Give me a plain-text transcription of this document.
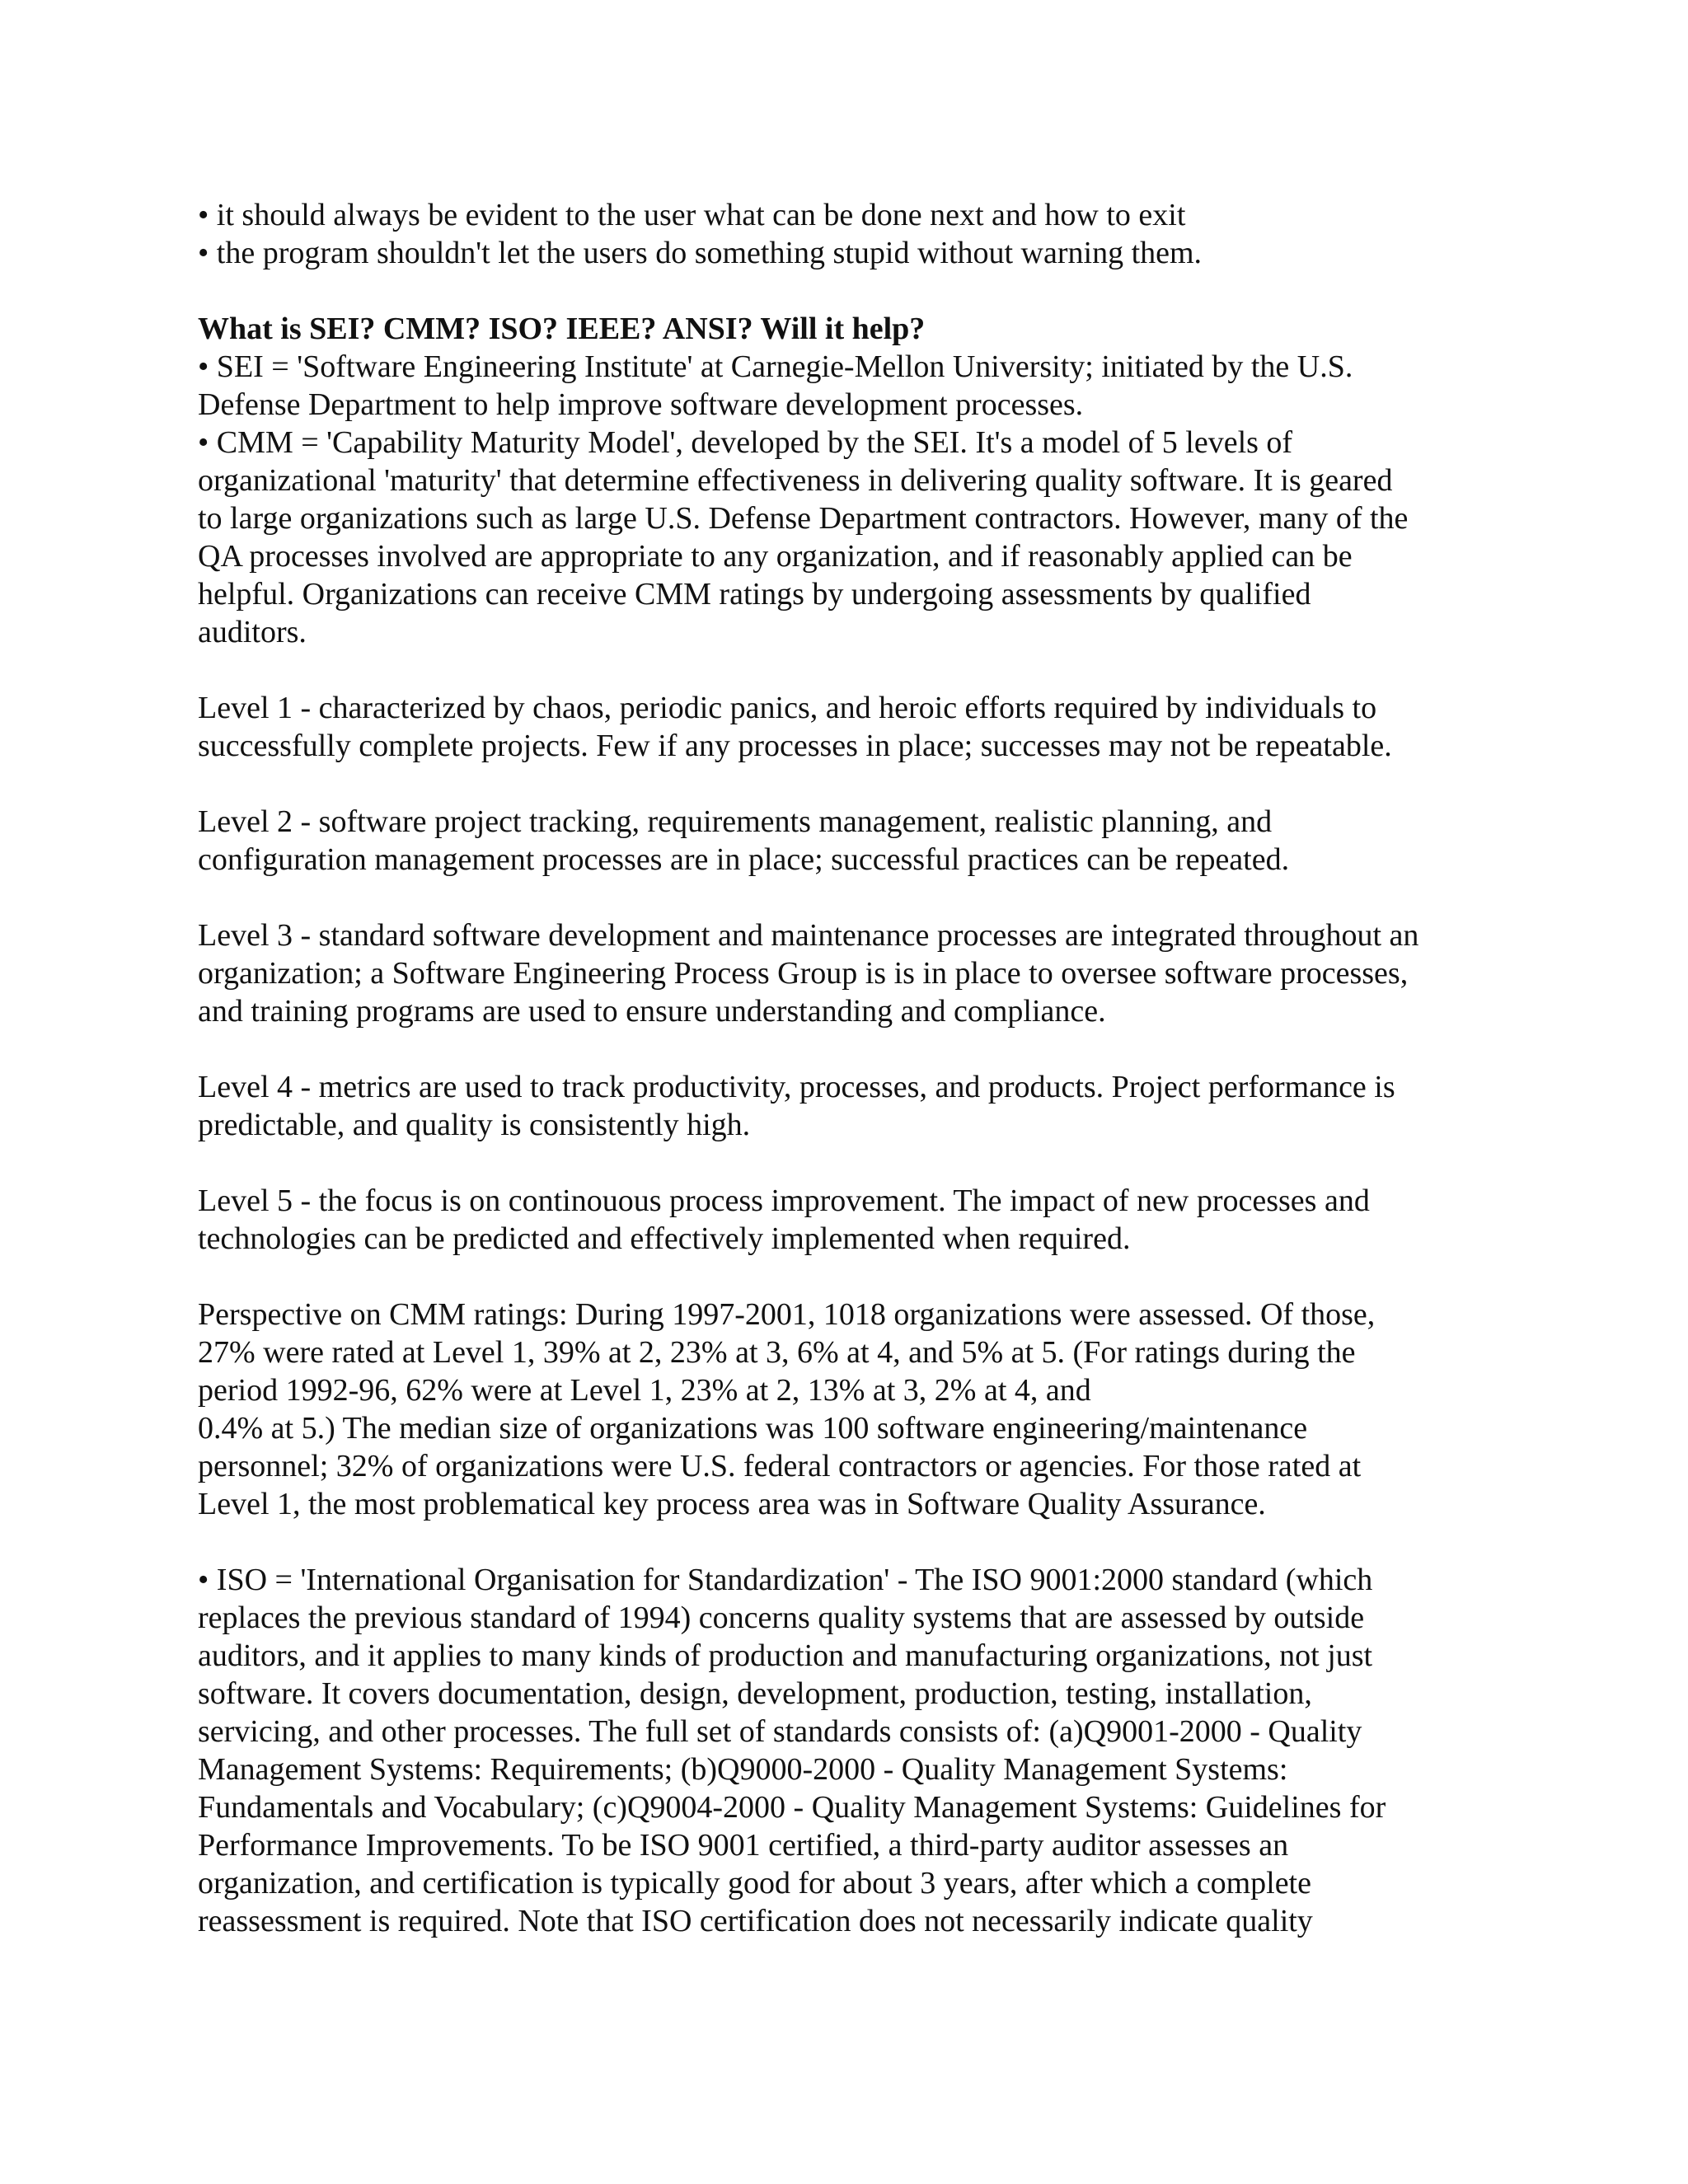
• it should always be evident to the user what can be done next and how to exit
• the program shouldn't let the users do something stupid without warning them.
What is SEI? CMM? ISO? IEEE? ANSI? Will it help?
• SEI = 'Software Engineering Institute' at Carnegie-Mellon University; initiated by the U.S.
Defense Department to help improve software development processes.
• CMM = 'Capability Maturity Model', developed by the SEI. It's a model of 5 levels of
organizational 'maturity' that determine effectiveness in delivering quality software. It is geared
to large organizations such as large U.S. Defense Department contractors. However, many of the
QA processes involved are appropriate to any organization, and if reasonably applied can be
helpful. Organizations can receive CMM ratings by undergoing assessments by qualified
auditors.
Level 1 - characterized by chaos, periodic panics, and heroic efforts required by individuals to
successfully complete projects. Few if any processes in place; successes may not be repeatable.
Level 2 - software project tracking, requirements management, realistic planning, and
configuration management processes are in place; successful practices can be repeated.
Level 3 - standard software development and maintenance processes are integrated throughout an
organization; a Software Engineering Process Group is is in place to oversee software processes,
and training programs are used to ensure understanding and compliance.
Level 4 - metrics are used to track productivity, processes, and products. Project performance is
predictable, and quality is consistently high.
Level 5 - the focus is on continouous process improvement. The impact of new processes and
technologies can be predicted and effectively implemented when required.
Perspective on CMM ratings: During 1997-2001, 1018 organizations were assessed. Of those,
27% were rated at Level 1, 39% at 2, 23% at 3, 6% at 4, and 5% at 5. (For ratings during the
period 1992-96, 62% were at Level 1, 23% at 2, 13% at 3, 2% at 4, and
0.4% at 5.) The median size of organizations was 100 software engineering/maintenance
personnel; 32% of organizations were U.S. federal contractors or agencies. For those rated at
Level 1, the most problematical key process area was in Software Quality Assurance.
• ISO = 'International Organisation for Standardization' - The ISO 9001:2000 standard (which
replaces the previous standard of 1994) concerns quality systems that are assessed by outside
auditors, and it applies to many kinds of production and manufacturing organizations, not just
software. It covers documentation, design, development, production, testing, installation,
servicing, and other processes. The full set of standards consists of: (a)Q9001-2000 - Quality
Management Systems: Requirements; (b)Q9000-2000 - Quality Management Systems:
Fundamentals and Vocabulary; (c)Q9004-2000 - Quality Management Systems: Guidelines for
Performance Improvements. To be ISO 9001 certified, a third-party auditor assesses an
organization, and certification is typically good for about 3 years, after which a complete
reassessment is required. Note that ISO certification does not necessarily indicate quality
